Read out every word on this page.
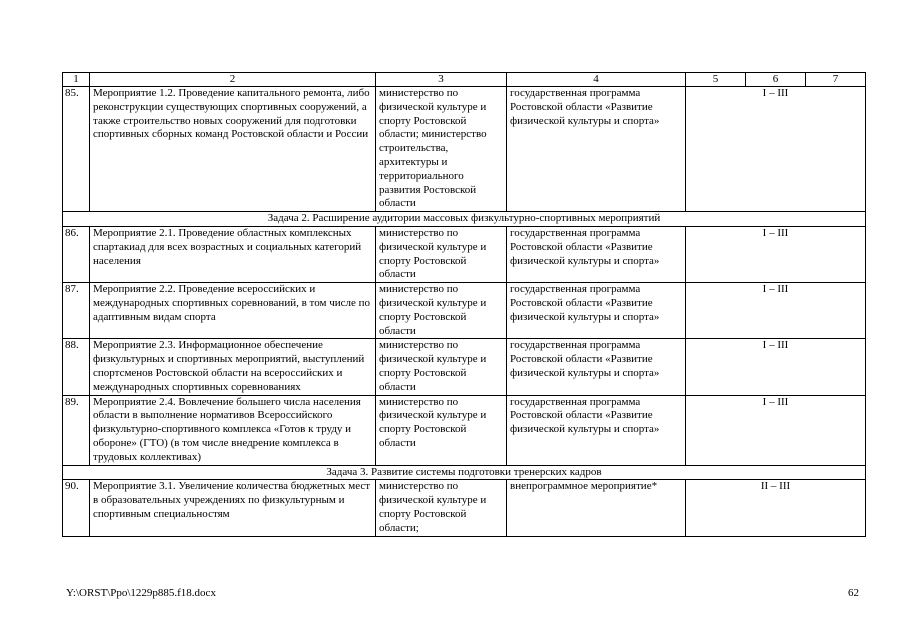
1	2	3	4	5	6	7
85.	Мероприятие 1.2. Проведение капитального ремонта, либо реконструкции существующих спортивных сооружений, а также строительство новых сооружений для подготовки спортивных сборных команд Ростовской области и России	министерство по физической культуре и спорту Ростовской области; министерство строительства, архитектуры и территориального развития Ростовской области	государственная программа Ростовской области «Развитие физической культуры и спорта»	I – III		
Задача 2. Расширение аудитории массовых физкультурно-спортивных мероприятий						
86.	Мероприятие 2.1. Проведение областных комплексных спартакиад для всех возрастных и социальных категорий населения	министерство по физической культуре и спорту Ростовской области	государственная программа Ростовской области «Развитие физической культуры и спорта»	I – III		
87.	Мероприятие 2.2. Проведение всероссийских и международных спортивных соревнований, в том числе по адаптивным видам спорта	министерство по физической культуре и спорту Ростовской области	государственная программа Ростовской области «Развитие физической культуры и спорта»	I – III		
88.	Мероприятие 2.3. Информационное обеспечение физкультурных и спортивных мероприятий, выступлений спортсменов Ростовской области на всероссийских и международных спортивных соревнованиях	министерство по физической культуре и спорту Ростовской области	государственная программа Ростовской области «Развитие физической культуры и спорта»	I – III		
89.	Мероприятие 2.4. Вовлечение большего числа населения области в выполнение нормативов Всероссийского физкультурно-спортивного комплекса «Готов к труду и обороне» (ГТО) (в том числе внедрение комплекса в трудовых коллективах)	министерство по физической культуре и спорту Ростовской области	государственная программа Ростовской области «Развитие физической культуры и спорта»	I – III		
Задача 3. Развитие системы подготовки тренерских кадров						
90.	Мероприятие 3.1. Увеличение количества бюджетных мест в образовательных учреждениях по физкультурным и спортивным специальностям	министерство по физической культуре и спорту Ростовской области;	внепрограммное мероприятие*	II – III		
Y:\ORST\Ppo\1229p885.f18.docx	62
